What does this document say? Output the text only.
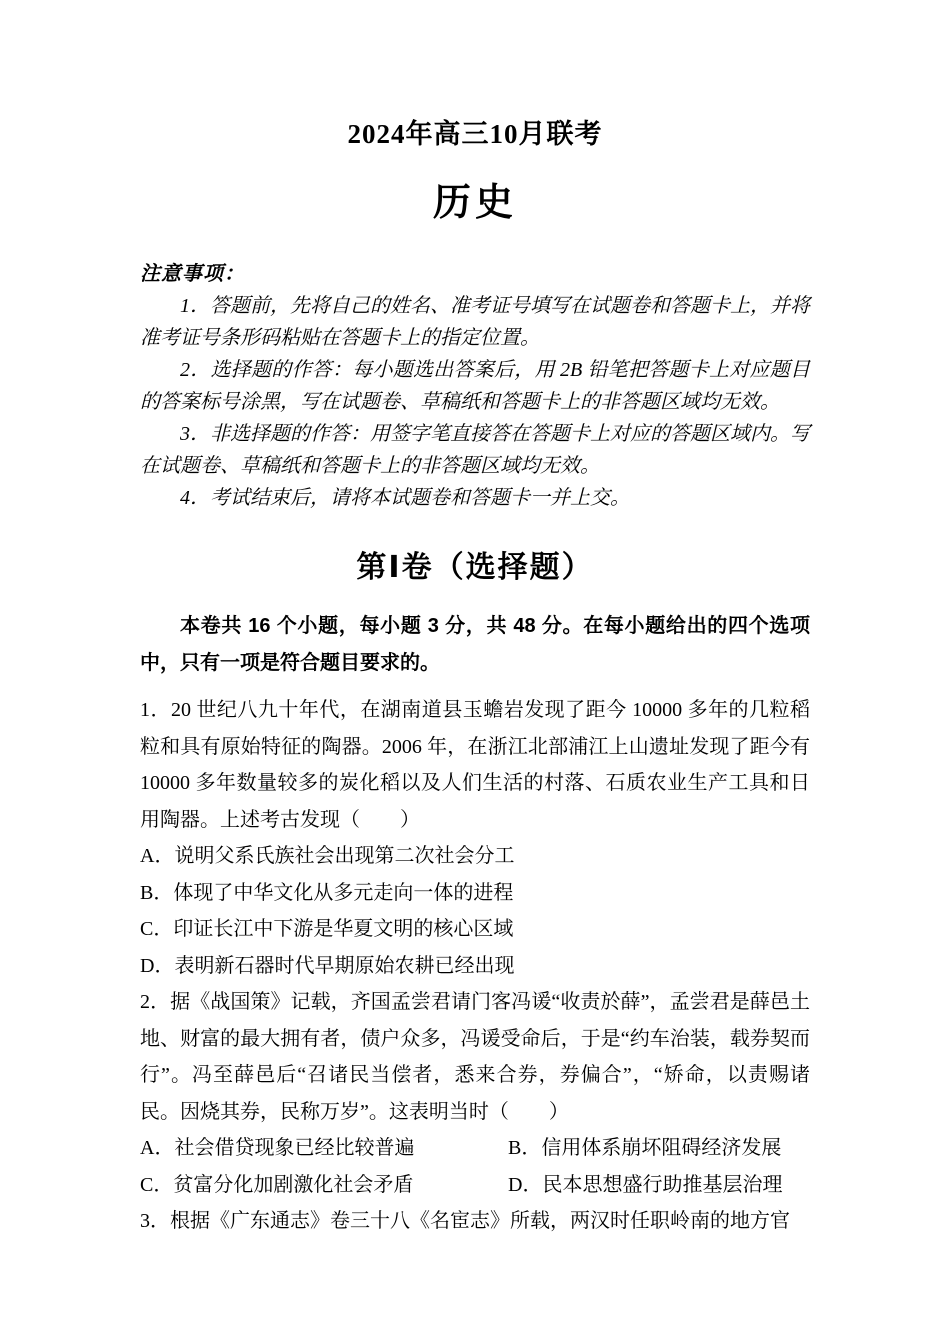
2024年高三10月联考
历史

注意事项：

1．答题前，先将自己的姓名、准考证号填写在试题卷和答题卡上，并将准考证号条形码粘贴在答题卡上的指定位置。

2．选择题的作答：每小题选出答案后，用 2B 铅笔把答题卡上对应题目的答案标号涂黑，写在试题卷、草稿纸和答题卡上的非答题区域均无效。

3．非选择题的作答：用签字笔直接答在答题卡上对应的答题区域内。写在试题卷、草稿纸和答题卡上的非答题区域均无效。

4．考试结束后，请将本试题卷和答题卡一并上交。

第Ⅰ卷（选择题）

本卷共 16 个小题，每小题 3 分，共 48 分。在每小题给出的四个选项中，只有一项是符合题目要求的。

1．20 世纪八九十年代，在湖南道县玉蟾岩发现了距今 10000 多年的几粒稻粒和具有原始特征的陶器。2006 年，在浙江北部浦江上山遗址发现了距今有 10000 多年数量较多的炭化稻以及人们生活的村落、石质农业生产工具和日用陶器。上述考古发现（　　）

A．说明父系氏族社会出现第二次社会分工

B．体现了中华文化从多元走向一体的进程

C．印证长江中下游是华夏文明的核心区域

D．表明新石器时代早期原始农耕已经出现

2．据《战国策》记载，齐国孟尝君请门客冯谖“收责於薛”，孟尝君是薛邑土地、财富的最大拥有者，债户众多，冯谖受命后，于是“约车治装，载券契而行”。冯至薛邑后“召诸民当偿者，悉来合券，券偏合”，“矫命，以责赐诸民。因烧其券，民称万岁”。这表明当时（　　）

A．社会借贷现象已经比较普遍	B．信用体系崩坏阻碍经济发展

C．贫富分化加剧激化社会矛盾	D．民本思想盛行助推基层治理

3．根据《广东通志》卷三十八《名宦志》所载，两汉时任职岭南的地方官
